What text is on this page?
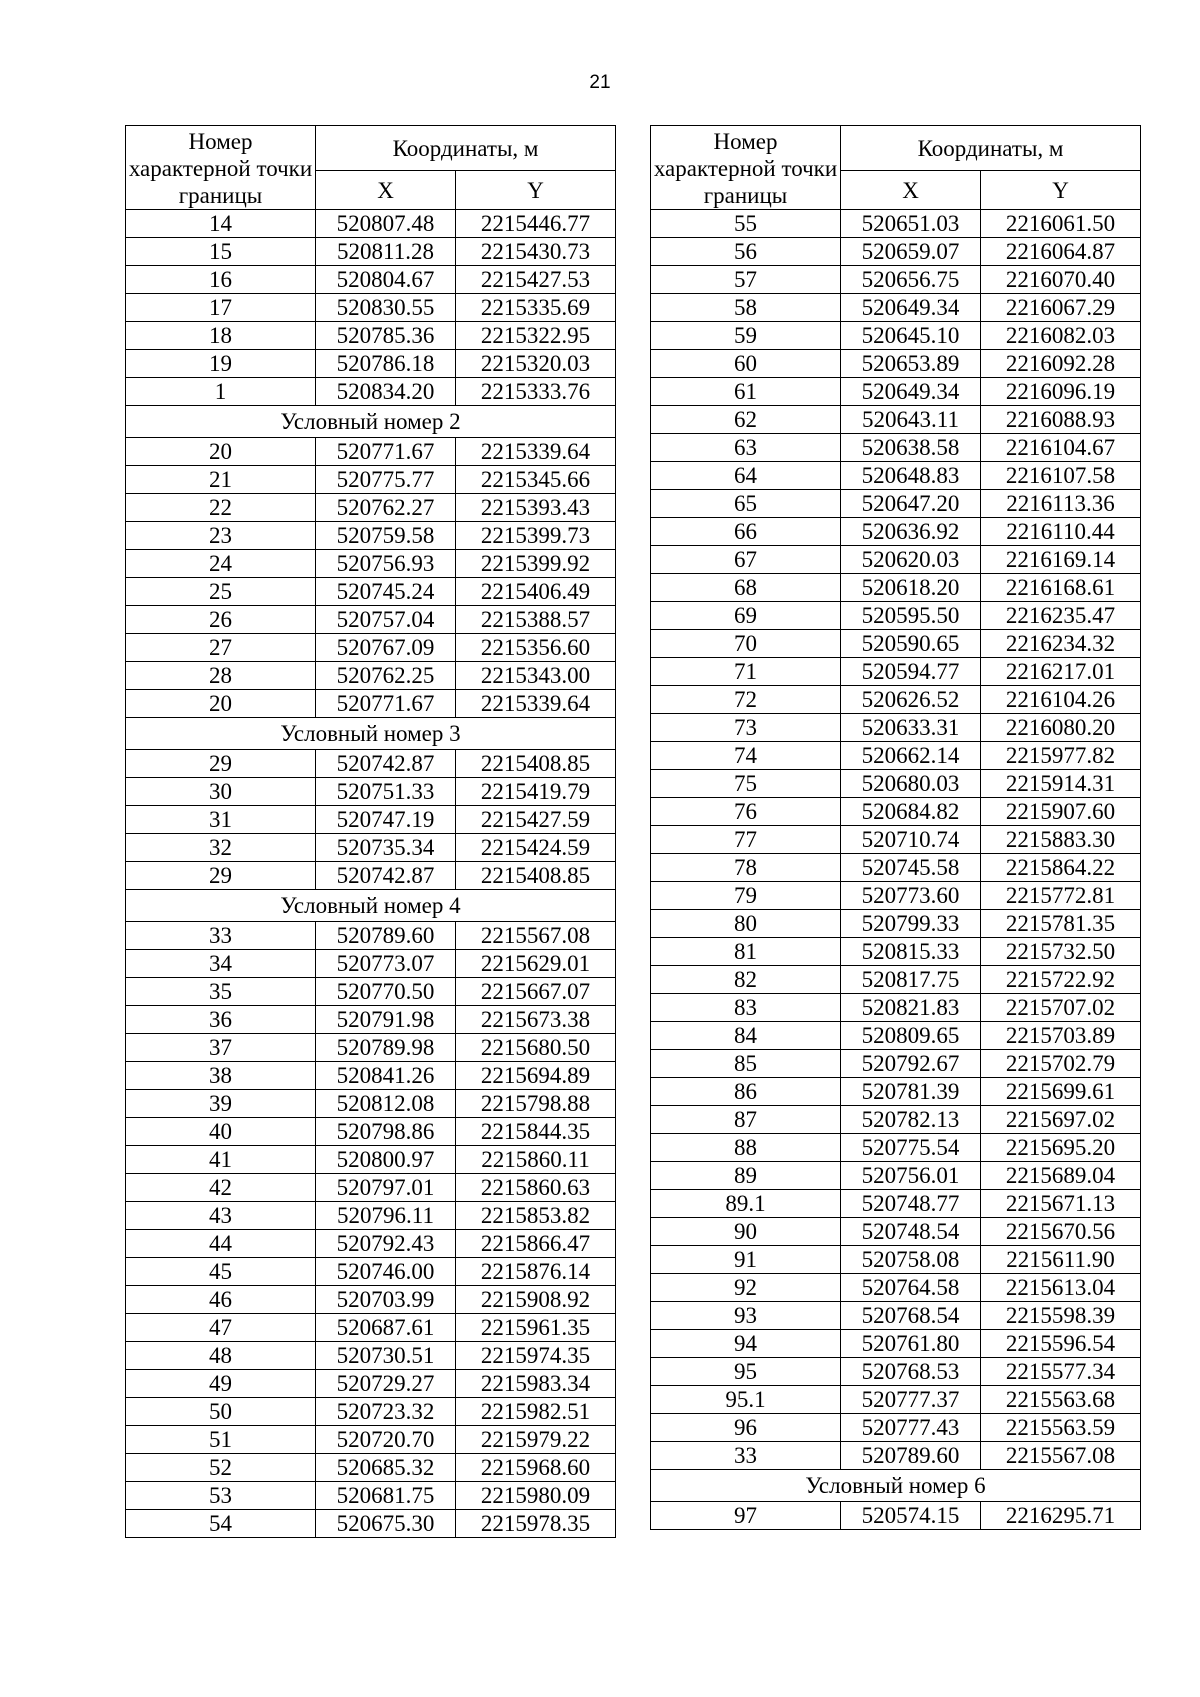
21
Номер характерной точки границы	Координаты, м	
	X	Y
14	520807.48	2215446.77
15	520811.28	2215430.73
16	520804.67	2215427.53
17	520830.55	2215335.69
18	520785.36	2215322.95
19	520786.18	2215320.03
1	520834.20	2215333.76
Условный номер 2		
20	520771.67	2215339.64
21	520775.77	2215345.66
22	520762.27	2215393.43
23	520759.58	2215399.73
24	520756.93	2215399.92
25	520745.24	2215406.49
26	520757.04	2215388.57
27	520767.09	2215356.60
28	520762.25	2215343.00
20	520771.67	2215339.64
Условный номер 3		
29	520742.87	2215408.85
30	520751.33	2215419.79
31	520747.19	2215427.59
32	520735.34	2215424.59
29	520742.87	2215408.85
Условный номер 4		
33	520789.60	2215567.08
34	520773.07	2215629.01
35	520770.50	2215667.07
36	520791.98	2215673.38
37	520789.98	2215680.50
38	520841.26	2215694.89
39	520812.08	2215798.88
40	520798.86	2215844.35
41	520800.97	2215860.11
42	520797.01	2215860.63
43	520796.11	2215853.82
44	520792.43	2215866.47
45	520746.00	2215876.14
46	520703.99	2215908.92
47	520687.61	2215961.35
48	520730.51	2215974.35
49	520729.27	2215983.34
50	520723.32	2215982.51
51	520720.70	2215979.22
52	520685.32	2215968.60
53	520681.75	2215980.09
54	520675.30	2215978.35
Номер характерной точки границы	Координаты, м	
	X	Y
55	520651.03	2216061.50
56	520659.07	2216064.87
57	520656.75	2216070.40
58	520649.34	2216067.29
59	520645.10	2216082.03
60	520653.89	2216092.28
61	520649.34	2216096.19
62	520643.11	2216088.93
63	520638.58	2216104.67
64	520648.83	2216107.58
65	520647.20	2216113.36
66	520636.92	2216110.44
67	520620.03	2216169.14
68	520618.20	2216168.61
69	520595.50	2216235.47
70	520590.65	2216234.32
71	520594.77	2216217.01
72	520626.52	2216104.26
73	520633.31	2216080.20
74	520662.14	2215977.82
75	520680.03	2215914.31
76	520684.82	2215907.60
77	520710.74	2215883.30
78	520745.58	2215864.22
79	520773.60	2215772.81
80	520799.33	2215781.35
81	520815.33	2215732.50
82	520817.75	2215722.92
83	520821.83	2215707.02
84	520809.65	2215703.89
85	520792.67	2215702.79
86	520781.39	2215699.61
87	520782.13	2215697.02
88	520775.54	2215695.20
89	520756.01	2215689.04
89.1	520748.77	2215671.13
90	520748.54	2215670.56
91	520758.08	2215611.90
92	520764.58	2215613.04
93	520768.54	2215598.39
94	520761.80	2215596.54
95	520768.53	2215577.34
95.1	520777.37	2215563.68
96	520777.43	2215563.59
33	520789.60	2215567.08
Условный номер 6		
97	520574.15	2216295.71
